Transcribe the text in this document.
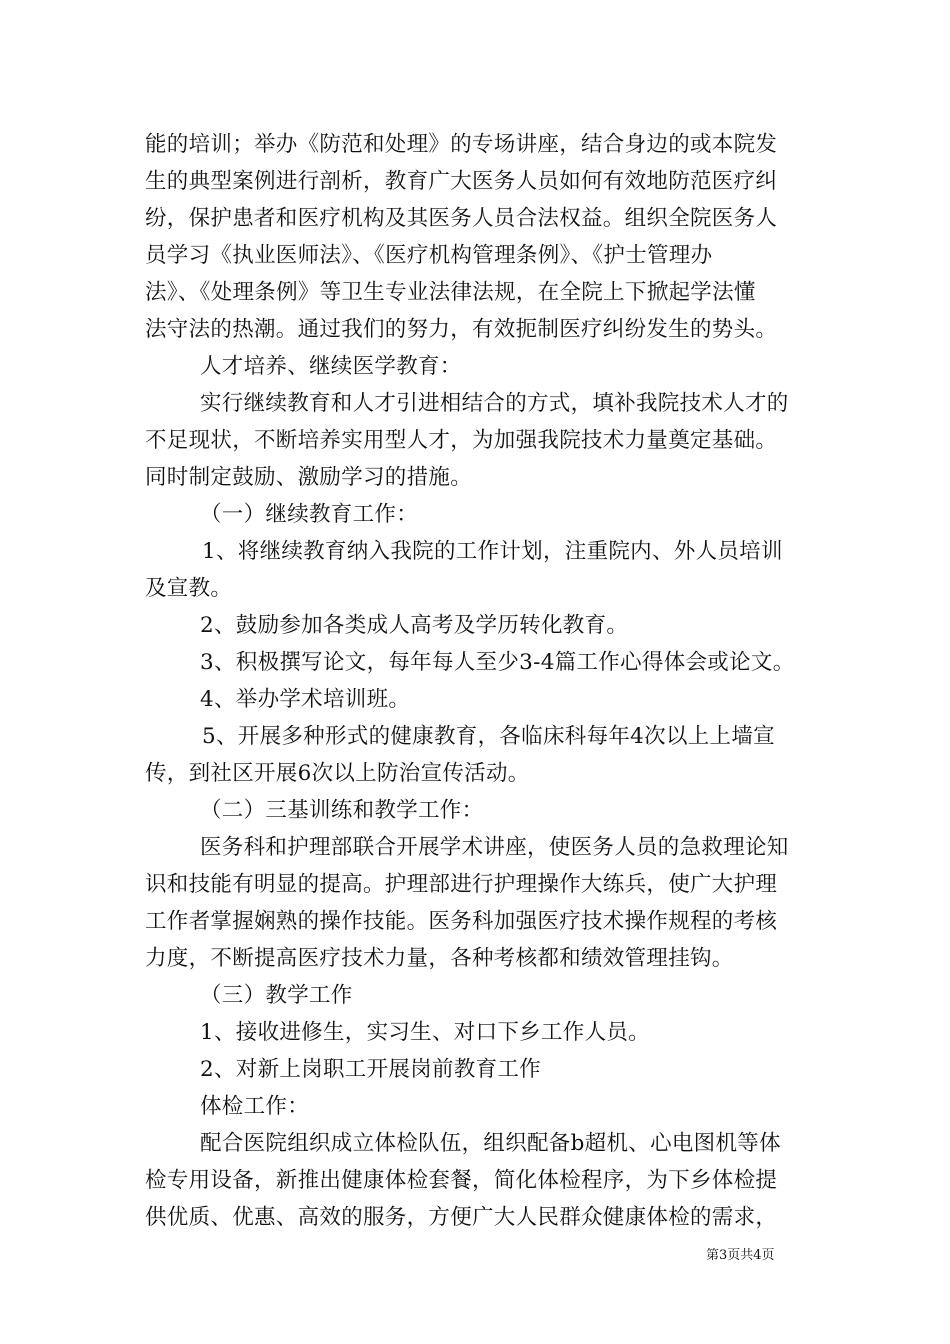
能的培训；举办《防范和处理》的专场讲座，结合身边的或本院发
生的典型案例进行剖析，教育广大医务人员如何有效地防范医疗纠
纷，保护患者和医疗机构及其医务人员合法权益。组织全院医务人
员学习《执业医师法》、《医疗机构管理条例》、《护士管理办
法》、《处理条例》等卫生专业法律法规，在全院上下掀起学法懂
法守法的热潮。通过我们的努力，有效扼制医疗纠纷发生的势头。
人才培养、继续医学教育：
实行继续教育和人才引进相结合的方式，填补我院技术人才的
不足现状，不断培养实用型人才，为加强我院技术力量奠定基础。
同时制定鼓励、激励学习的措施。
（一）继续教育工作：
1、将继续教育纳入我院的工作计划，注重院内、外人员培训
及宣教。
2、鼓励参加各类成人高考及学历转化教育。
3、积极撰写论文，每年每人至少3-4篇工作心得体会或论文。
4、举办学术培训班。
5、开展多种形式的健康教育，各临床科每年4次以上上墙宣
传，到社区开展6次以上防治宣传活动。
（二）三基训练和教学工作：
医务科和护理部联合开展学术讲座，使医务人员的急救理论知
识和技能有明显的提高。护理部进行护理操作大练兵，使广大护理
工作者掌握娴熟的操作技能。医务科加强医疗技术操作规程的考核
力度，不断提高医疗技术力量，各种考核都和绩效管理挂钩。
（三）教学工作
1、接收进修生，实习生、对口下乡工作人员。
2、对新上岗职工开展岗前教育工作
体检工作：
配合医院组织成立体检队伍，组织配备b超机、心电图机等体
检专用设备，新推出健康体检套餐，简化体检程序，为下乡体检提
供优质、优惠、高效的服务，方便广大人民群众健康体检的需求，
第3页共4页
